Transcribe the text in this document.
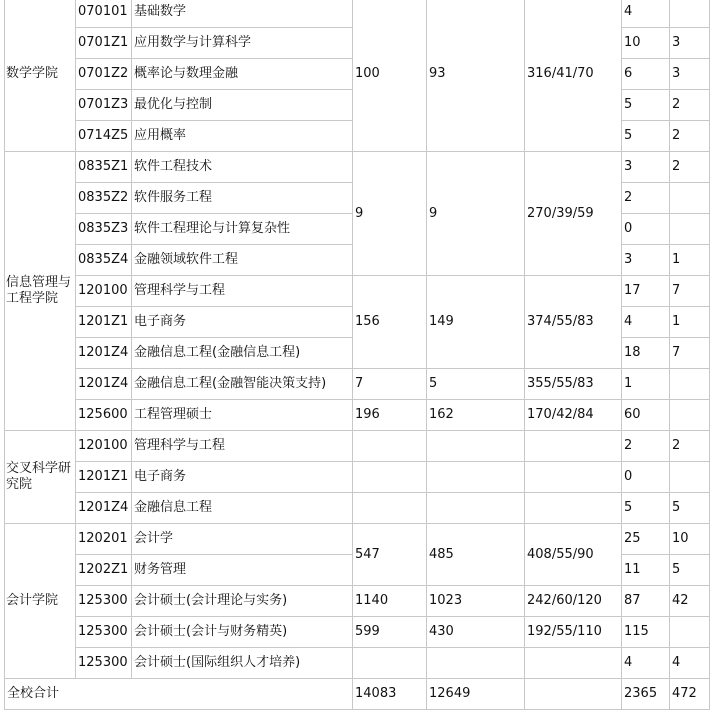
数学学院	070101	基础数学	100	93	316/41/70	4	
	0701Z1	应用数学与计算科学				10	3
	0701Z2	概率论与数理金融				6	3
	0701Z3	最优化与控制				5	2
	0714Z5	应用概率				5	2
信息管理与工程学院	0835Z1	软件工程技术	9	9	270/39/59	3	2
	0835Z2	软件服务工程				2	
	0835Z3	软件工程理论与计算复杂性				0	
	0835Z4	金融领域软件工程				3	1
	120100	管理科学与工程	156	149	374/55/83	17	7
	1201Z1	电子商务				4	1
	1201Z4	金融信息工程(金融信息工程)				18	7
	1201Z4	金融信息工程(金融智能决策支持)	7	5	355/55/83	1	
	125600	工程管理硕士	196	162	170/42/84	60	
交叉科学研究院	120100	管理科学与工程				2	2
	1201Z1	电子商务				0	
	1201Z4	金融信息工程				5	5
会计学院	120201	会计学	547	485	408/55/90	25	10
	1202Z1	财务管理				11	5
	125300	会计硕士(会计理论与实务)	1140	1023	242/60/120	87	42
	125300	会计硕士(会计与财务精英)	599	430	192/55/110	115	
	125300	会计硕士(国际组织人才培养)				4	4
全校合计			14083	12649		2365	472
